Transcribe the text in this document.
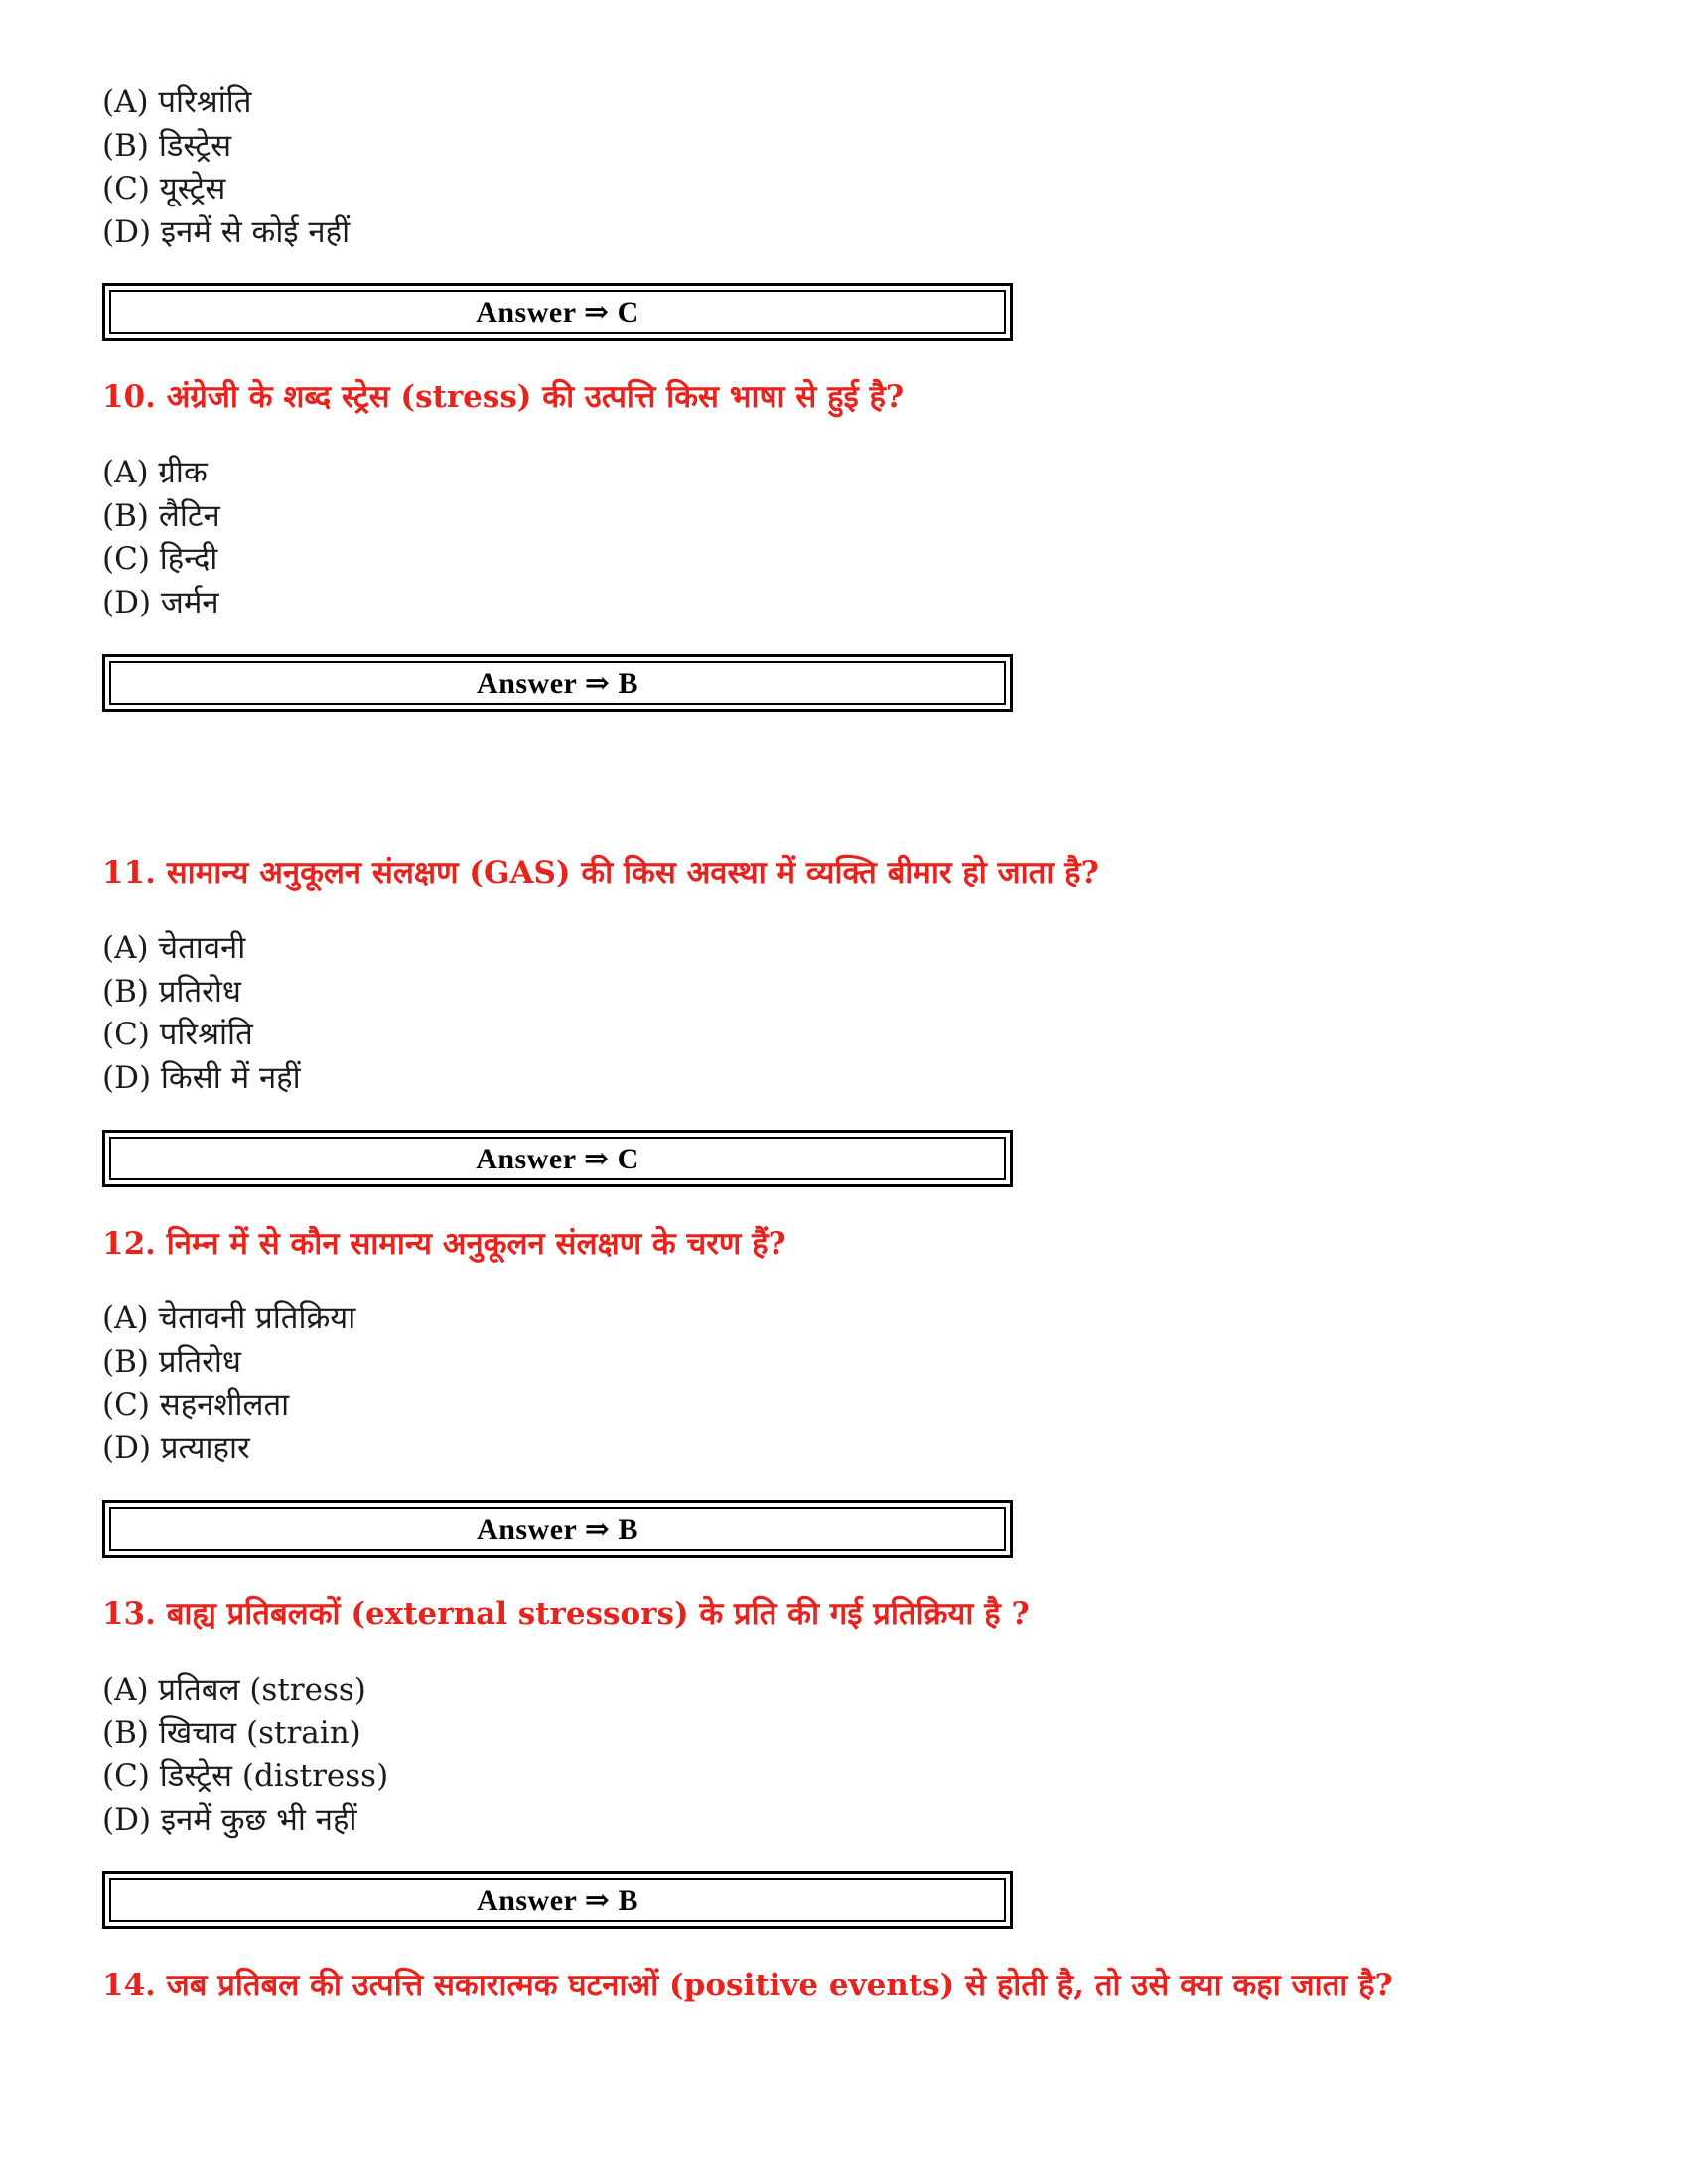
(A) परिश्रांति
(B) डिस्ट्रेस
(C) यूस्ट्रेस
(D) इनमें से कोई नहीं
Answer ⇒ C
10. अंग्रेजी के शब्द स्ट्रेस (stress) की उत्पत्ति किस भाषा से हुई है?
(A) ग्रीक
(B) लैटिन
(C) हिन्दी
(D) जर्मन
Answer ⇒ B
11. सामान्य अनुकूलन संलक्षण (GAS) की किस अवस्था में व्यक्ति बीमार हो जाता है?
(A) चेतावनी
(B) प्रतिरोध
(C) परिश्रांति
(D) किसी में नहीं
Answer ⇒ C
12. निम्न में से कौन सामान्य अनुकूलन संलक्षण के चरण हैं?
(A) चेतावनी प्रतिक्रिया
(B) प्रतिरोध
(C) सहनशीलता
(D) प्रत्याहार
Answer ⇒ B
13. बाह्य प्रतिबलकों (external stressors) के प्रति की गई प्रतिक्रिया है ?
(A) प्रतिबल (stress)
(B) खिचाव (strain)
(C) डिस्ट्रेस (distress)
(D) इनमें कुछ भी नहीं
Answer ⇒ B
14. जब प्रतिबल की उत्पत्ति सकारात्मक घटनाओं (positive events) से होती है, तो उसे क्या कहा जाता है?
